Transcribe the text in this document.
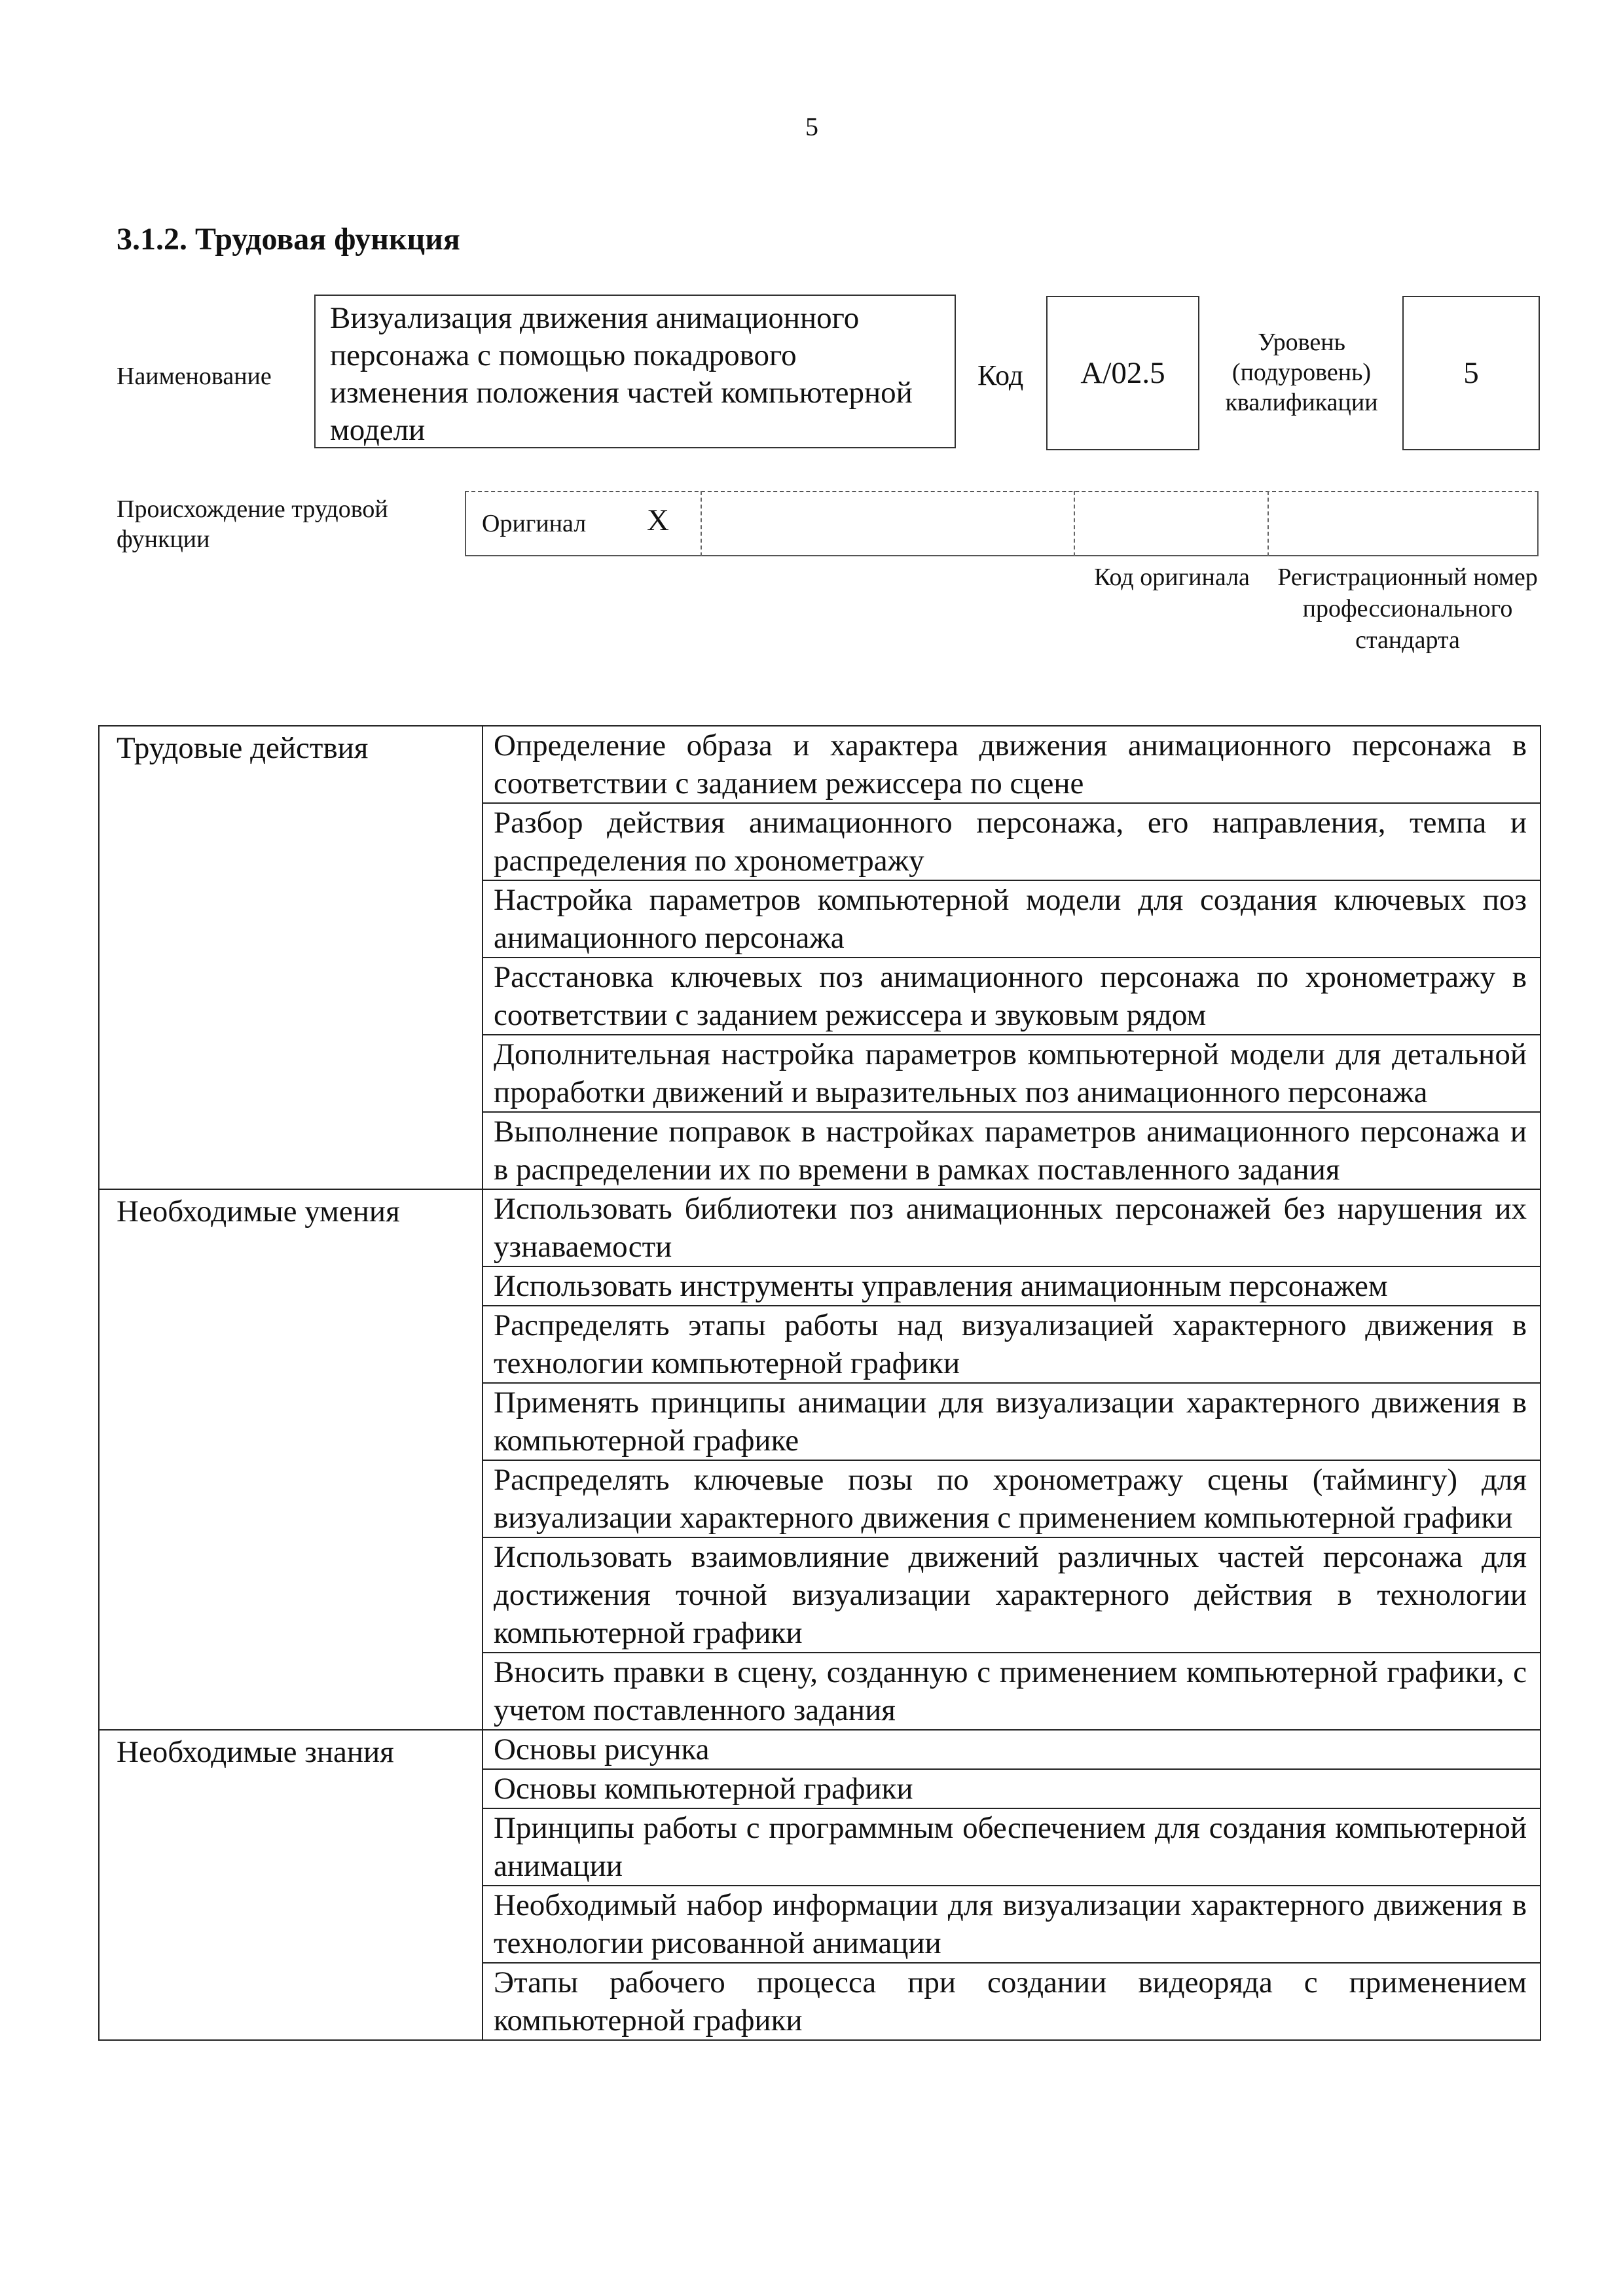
5
3.1.2. Трудовая функция
Наименование
Визуализация движения анимационного персонажа с помощью покадрового изменения положения частей компьютерной модели
Код	A/02.5
Уровень (подуровень) квалификации
5
Происхождение трудовой функции
Оригинал X
Код оригинала	Регистрационный номер профессионального стандарта
Трудовые действия	Определение образа и характера движения анимационного персонажа в соответствии с заданием режиссера по сцене
	Разбор действия анимационного персонажа, его направления, темпа и распределения по хронометражу
	Настройка параметров компьютерной модели для создания ключевых поз анимационного персонажа
	Расстановка ключевых поз анимационного персонажа по хронометражу в соответствии с заданием режиссера и звуковым рядом
	Дополнительная настройка параметров компьютерной модели для детальной проработки движений и выразительных поз анимационного персонажа
	Выполнение поправок в настройках параметров анимационного персонажа и в распределении их по времени в рамках поставленного задания
Необходимые умения	Использовать библиотеки поз анимационных персонажей без нарушения их узнаваемости
	Использовать инструменты управления анимационным персонажем
	Распределять этапы работы над визуализацией характерного движения в технологии компьютерной графики
	Применять принципы анимации для визуализации характерного движения в компьютерной графике
	Распределять ключевые позы по хронометражу сцены (таймингу) для визуализации характерного движения с применением компьютерной графики
	Использовать взаимовлияние движений различных частей персонажа для достижения точной визуализации характерного действия в технологии компьютерной графики
	Вносить правки в сцену, созданную с применением компьютерной графики, с учетом поставленного задания
Необходимые знания	Основы рисунка
	Основы компьютерной графики
	Принципы работы с программным обеспечением для создания компьютерной анимации
	Необходимый набор информации для визуализации характерного движения в технологии рисованной анимации
	Этапы рабочего процесса при создании видеоряда с применением компьютерной графики
